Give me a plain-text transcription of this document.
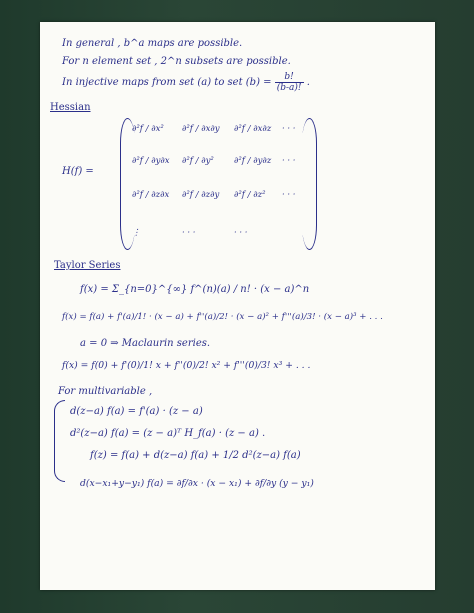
In general , b^a maps are possible.
For n element set , 2^n subsets are possible.
In injective maps from set (a) to set $(b) = \frac{b!}{(b-a)!}$ .
Hessian
H(f) =
∂²f / ∂x² ∂²f / ∂x∂y ∂²f / ∂x∂z · · ·
∂²f / ∂y∂x ∂²f / ∂y² ∂²f / ∂y∂z · · ·
∂²f / ∂z∂x ∂²f / ∂z∂y ∂²f / ∂z² · · ·
⋮	· · ·	· · ·
Taylor Series
f(x) = Σ_{n=0}^{∞} f^(n)(a) / n! · (x − a)^n
f(x) = f(a) + f'(a)/1! · (x − a) + f''(a)/2! · (x − a)² + f'''(a)/3! · (x − a)³ + . . .
a = 0 ⇒ Maclaurin series.
f(x) = f(0) + f'(0)/1! x + f''(0)/2! x² + f'''(0)/3! x³ + . . .
For multivariable ,
d(z−a) f(a) = f'(a) · (z − a)
d²(z−a) f(a) = (z − a)ᵀ H_f(a) · (z − a) .
f(z) = f(a) + d(z−a) f(a) + 1/2 d²(z−a) f(a)
d(x−x₁+y−y₁) f(a) = ∂f/∂x · (x − x₁) + ∂f/∂y (y − y₁)
